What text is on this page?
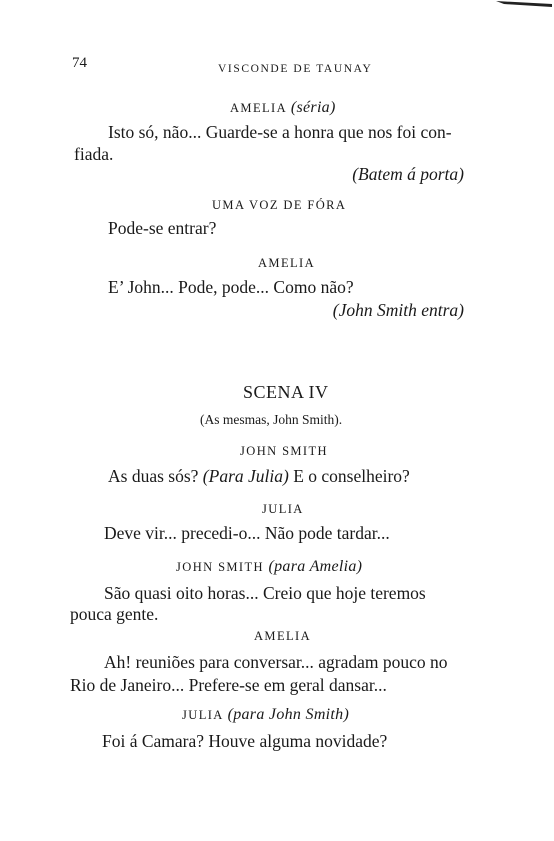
74	VISCONDE DE TAUNAY
AMELIA (séria)
Isto só, não... Guarde-se a honra que nos foi con-
fiada.
(Batem á porta)
UMA VOZ DE FÓRA
Pode-se entrar?
AMELIA
E’ John... Pode, pode... Como não?
(John Smith entra)
SCENA IV
(As mesmas, John Smith).
JOHN SMITH
As duas sós? (Para Julia) E o conselheiro?
JULIA
Deve vir... precedi-o... Não pode tardar...
JOHN SMITH (para Amelia)
São quasi oito horas... Creio que hoje teremos
pouca gente.
AMELIA
Ah! reuniões para conversar... agradam pouco no
Rio de Janeiro... Prefere-se em geral dansar...
JULIA (para John Smith)
Foi á Camara? Houve alguma novidade?
